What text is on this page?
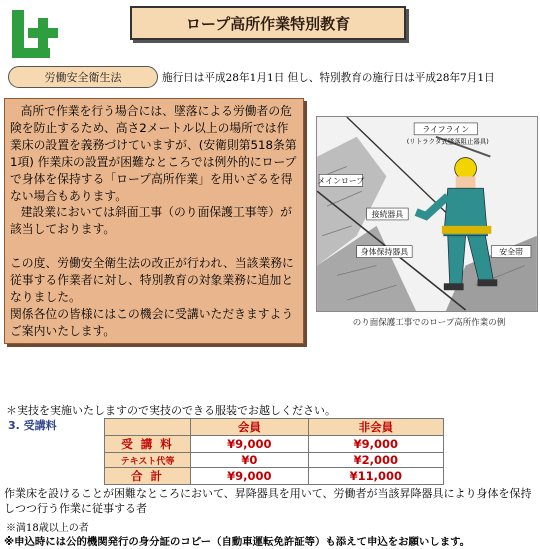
ロープ高所作業特別教育
労働安全衛生法	施行日は平成28年1月1日 但し、特別教育の施行日は平成28年7月1日

高所で作業を行う場合には、墜落による労働者の危険を防止するため、高さ2メートル以上の場所では作業床の設置を義務づけていますが、(安衛則第518条第1項) 作業床の設置が困難なところでは例外的にロープで身体を保持する「ロープ高所作業」を用いざるを得ない場合もあります。

建設業においては斜面工事（のり面保護工事等）が該当しております。

この度、労働安全衛生法の改正が行われ、当該業務に従事する作業者に対し、特別教育の対象業務に追加となりました。

関係各位の皆様にはこの機会に受講いただきますようご案内いたします。

ライフライン
(リトラクタ式墜落阻止器具)
メインロープ
接続器具
身体保持器具	安全帯
のり面保護工事でのロープ高所作業の例
＊実技を実施いたしますので実技のできる服装でお越しください。
3. 受講料
		会員	非会員
受 講 料	¥9,000	¥9,000
テキスト代等	¥0	¥2,000
合 計	¥9,000	¥11,000
作業床を設けることが困難なところにおいて、昇降器具を用いて、労働者が当該昇降器具により身体を保持しつつ行う作業に従事する者
※満18歳以上の者
※申込時には公的機関発行の身分証のコピー（自動車運転免許証等）も添えて申込をお願いします。
